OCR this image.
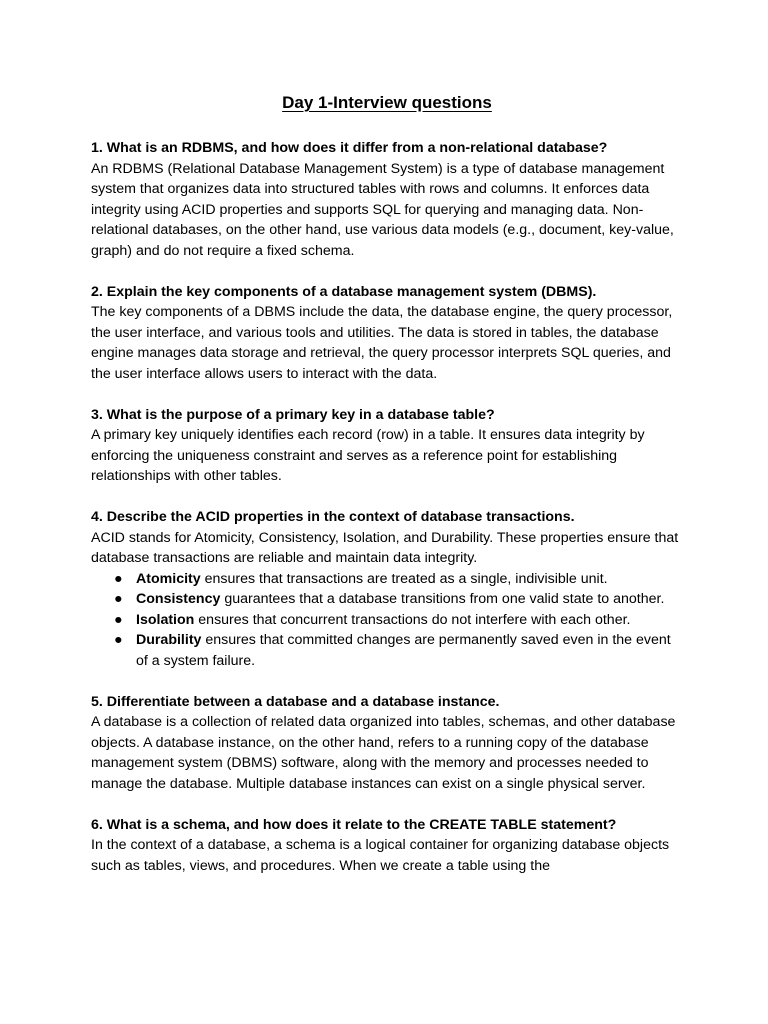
Day 1-Interview questions

1. What is an RDBMS, and how does it differ from a non-relational database?

An RDBMS (Relational Database Management System) is a type of database management system that organizes data into structured tables with rows and columns. It enforces data integrity using ACID properties and supports SQL for querying and managing data. Non-relational databases, on the other hand, use various data models (e.g., document, key-value, graph) and do not require a fixed schema.

2. Explain the key components of a database management system (DBMS).

The key components of a DBMS include the data, the database engine, the query processor, the user interface, and various tools and utilities. The data is stored in tables, the database engine manages data storage and retrieval, the query processor interprets SQL queries, and the user interface allows users to interact with the data.

3. What is the purpose of a primary key in a database table?

A primary key uniquely identifies each record (row) in a table. It ensures data integrity by enforcing the uniqueness constraint and serves as a reference point for establishing relationships with other tables.

4. Describe the ACID properties in the context of database transactions.

ACID stands for Atomicity, Consistency, Isolation, and Durability. These properties ensure that database transactions are reliable and maintain data integrity.

● Atomicity ensures that transactions are treated as a single, indivisible unit.
● Consistency guarantees that a database transitions from one valid state to another.
● Isolation ensures that concurrent transactions do not interfere with each other.
● Durability ensures that committed changes are permanently saved even in the event of a system failure.

5. Differentiate between a database and a database instance.

A database is a collection of related data organized into tables, schemas, and other database objects. A database instance, on the other hand, refers to a running copy of the database management system (DBMS) software, along with the memory and processes needed to manage the database. Multiple database instances can exist on a single physical server.

6. What is a schema, and how does it relate to the CREATE TABLE statement?

In the context of a database, a schema is a logical container for organizing database objects such as tables, views, and procedures. When we create a table using the
